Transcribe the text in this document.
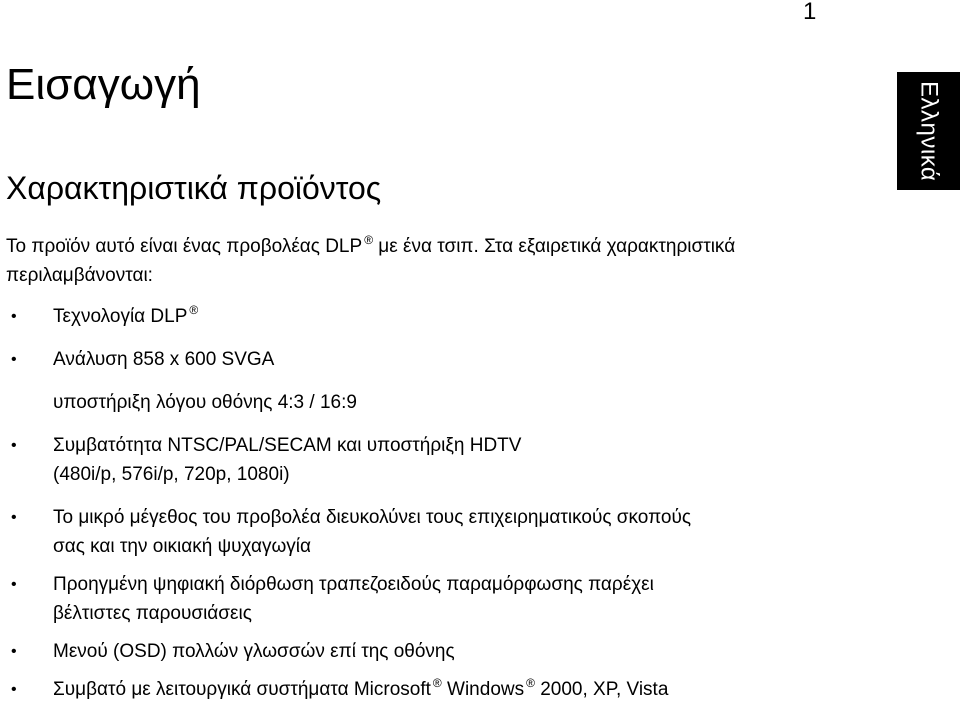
1
Ελληνικά
Εισαγωγή
Χαρακτηριστικά προϊόντος

Το προϊόν αυτό είναι ένας προβολέας DLP ® με ένα τσιπ. Στα εξαιρετικά χαρακτηριστικά περιλαμβάνονται:

• Τεχνολογία DLP ®
• Ανάλυση 858 x 600 SVGA
υποστήριξη λόγου οθόνης 4:3 / 16:9
• Συμβατότητα NTSC/PAL/SECAM και υποστήριξη HDTV
(480i/p, 576i/p, 720p, 1080i)
• Το μικρό μέγεθος του προβολέα διευκολύνει τους επιχειρηματικούς σκοπούς
σας και την οικιακή ψυχαγωγία
• Προηγμένη ψηφιακή διόρθωση τραπεζοειδούς παραμόρφωσης παρέχει
βέλτιστες παρουσιάσεις
• Μενού (OSD) πολλών γλωσσών επί της οθόνης
• Συμβατό με λειτουργικά συστήματα Microsoft ® Windows ® 2000, XP, Vista
